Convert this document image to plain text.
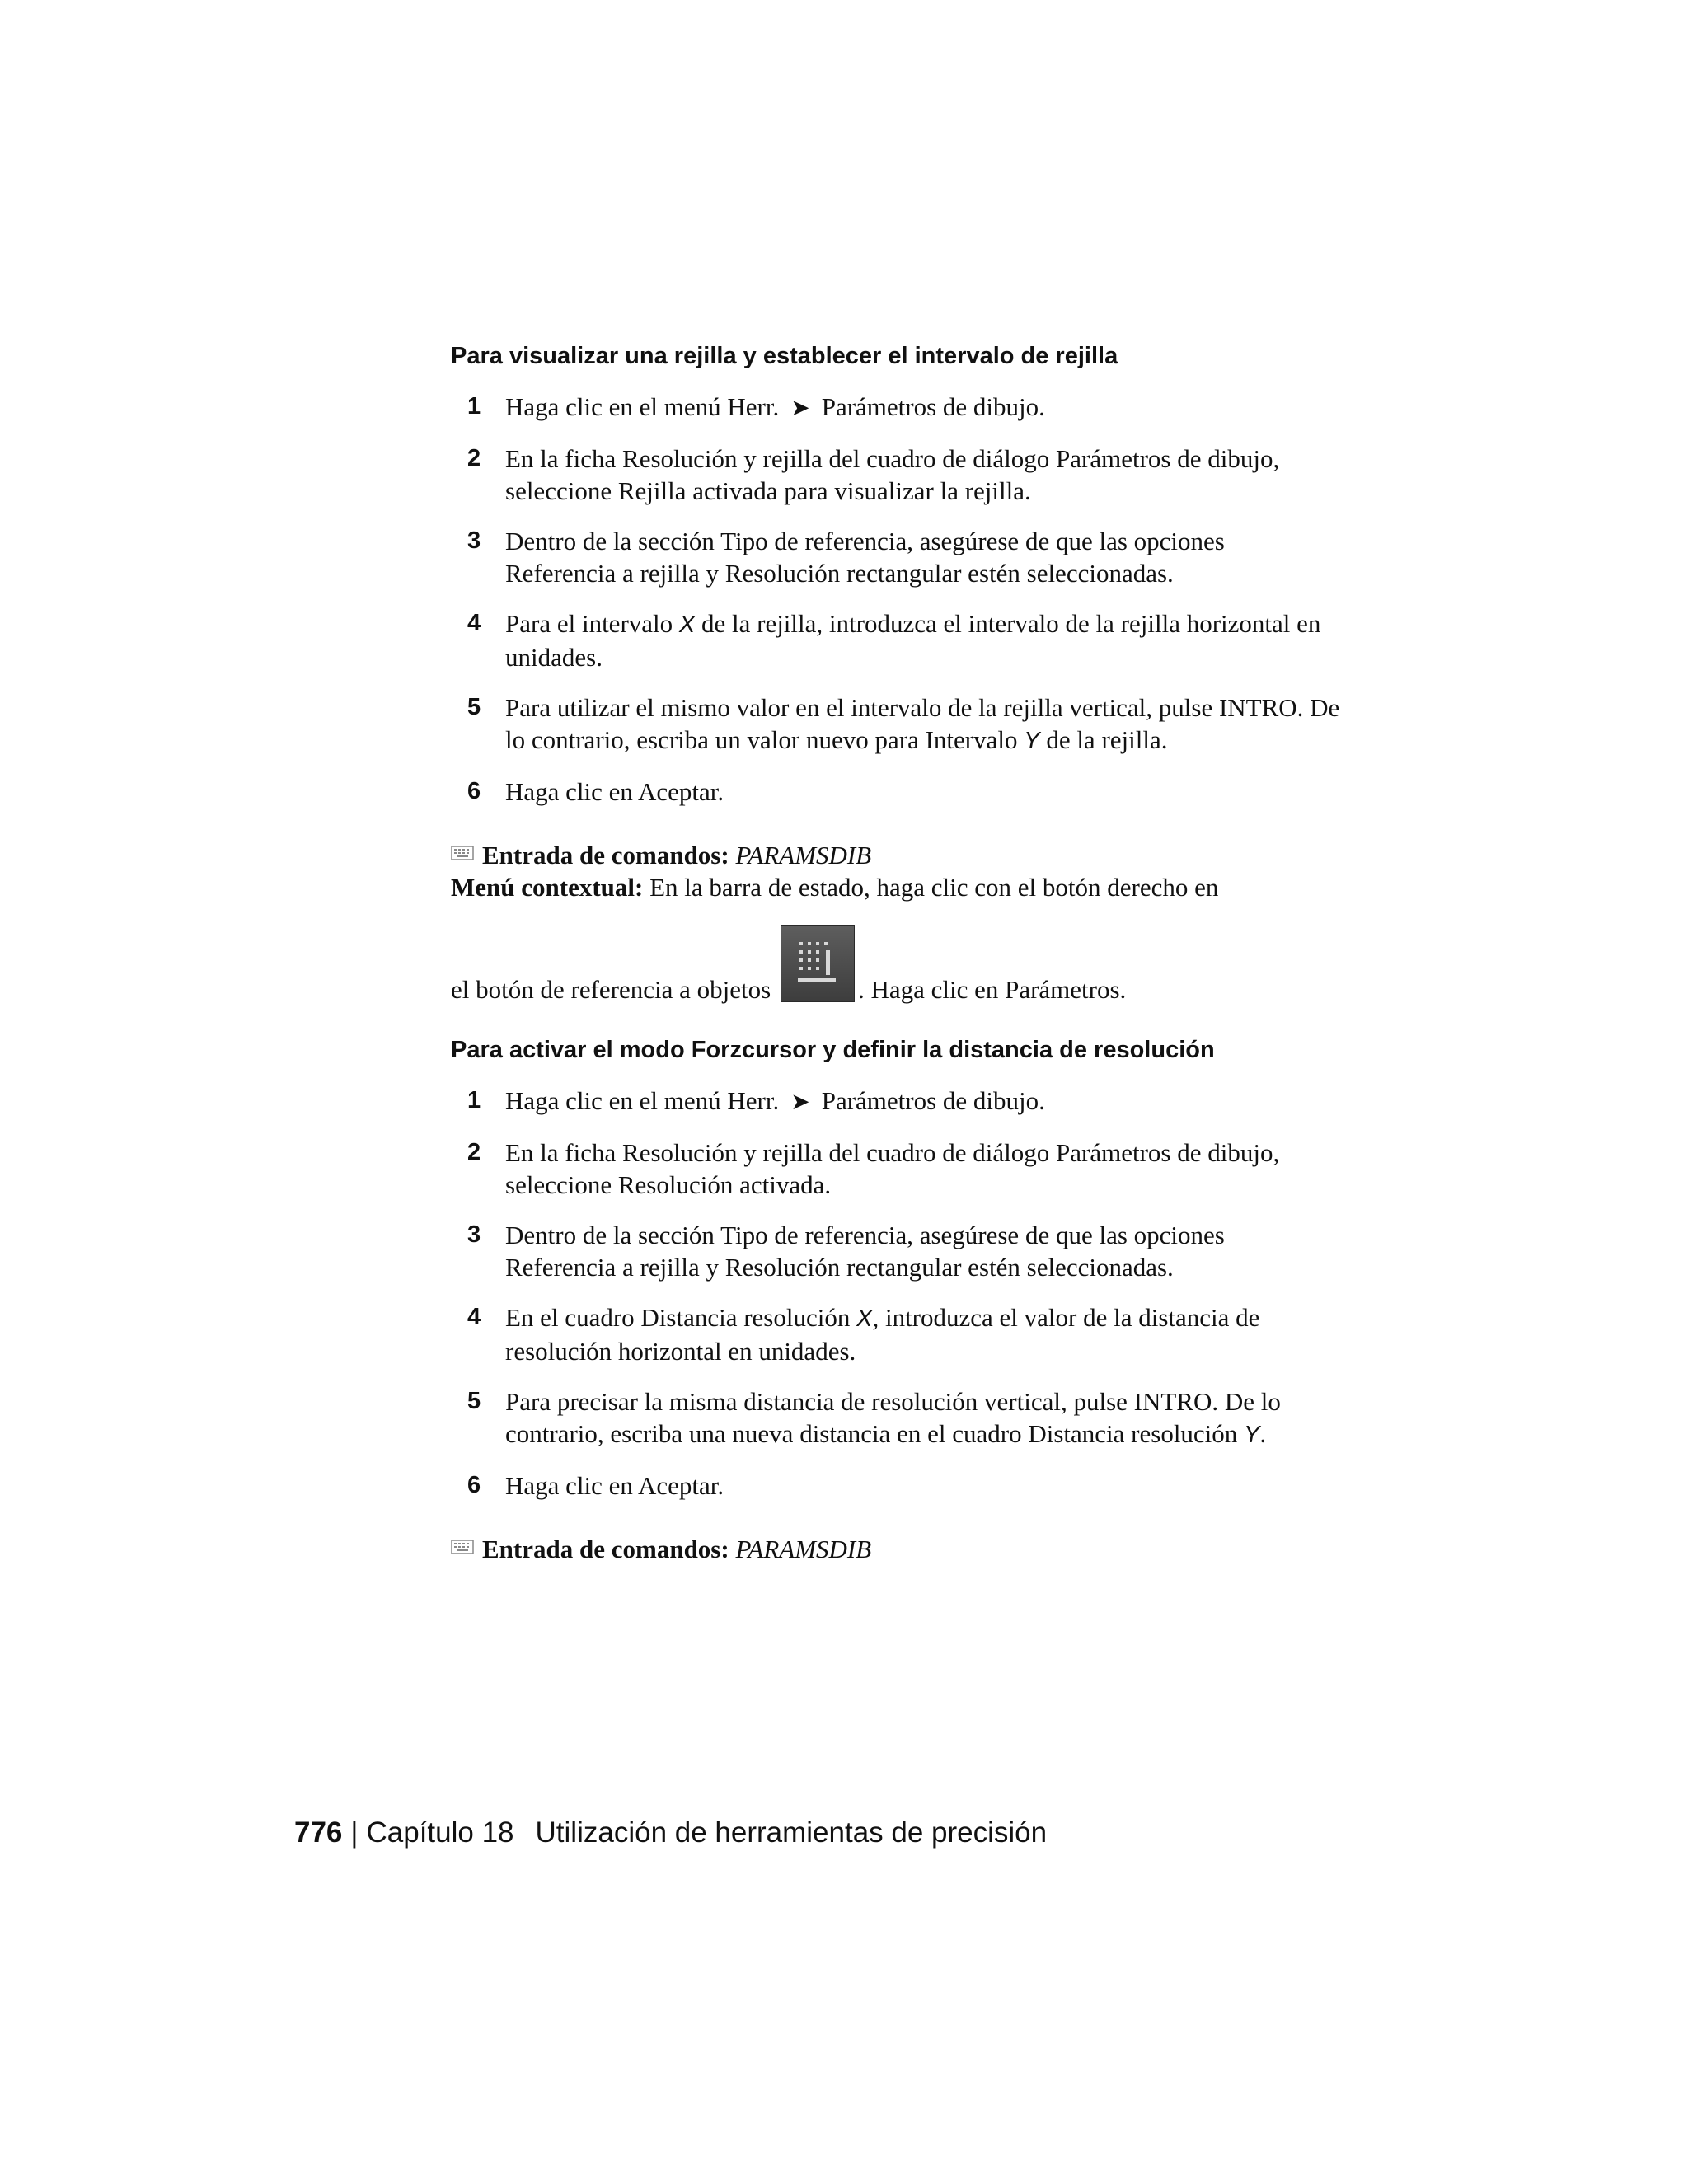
Para visualizar una rejilla y establecer el intervalo de rejilla
1 Haga clic en el menú Herr. ➤ Parámetros de dibujo.
2 En la ficha Resolución y rejilla del cuadro de diálogo Parámetros de dibujo, seleccione Rejilla activada para visualizar la rejilla.
3 Dentro de la sección Tipo de referencia, asegúrese de que las opciones Referencia a rejilla y Resolución rectangular estén seleccionadas.
4 Para el intervalo X de la rejilla, introduzca el intervalo de la rejilla horizontal en unidades.
5 Para utilizar el mismo valor en el intervalo de la rejilla vertical, pulse INTRO. De lo contrario, escriba un valor nuevo para Intervalo Y de la rejilla.
6 Haga clic en Aceptar.
Entrada de comandos: PARAMSDIB
Menú contextual: En la barra de estado, haga clic con el botón derecho en
el botón de referencia a objetos	. Haga clic en Parámetros.
Para activar el modo Forzcursor y definir la distancia de resolución
1 Haga clic en el menú Herr. ➤ Parámetros de dibujo.
2 En la ficha Resolución y rejilla del cuadro de diálogo Parámetros de dibujo, seleccione Resolución activada.
3 Dentro de la sección Tipo de referencia, asegúrese de que las opciones Referencia a rejilla y Resolución rectangular estén seleccionadas.
4 En el cuadro Distancia resolución X, introduzca el valor de la distancia de resolución horizontal en unidades.
5 Para precisar la misma distancia de resolución vertical, pulse INTRO. De lo contrario, escriba una nueva distancia en el cuadro Distancia resolución Y.
6 Haga clic en Aceptar.
Entrada de comandos: PARAMSDIB
776 | Capítulo 18 Utilización de herramientas de precisión
